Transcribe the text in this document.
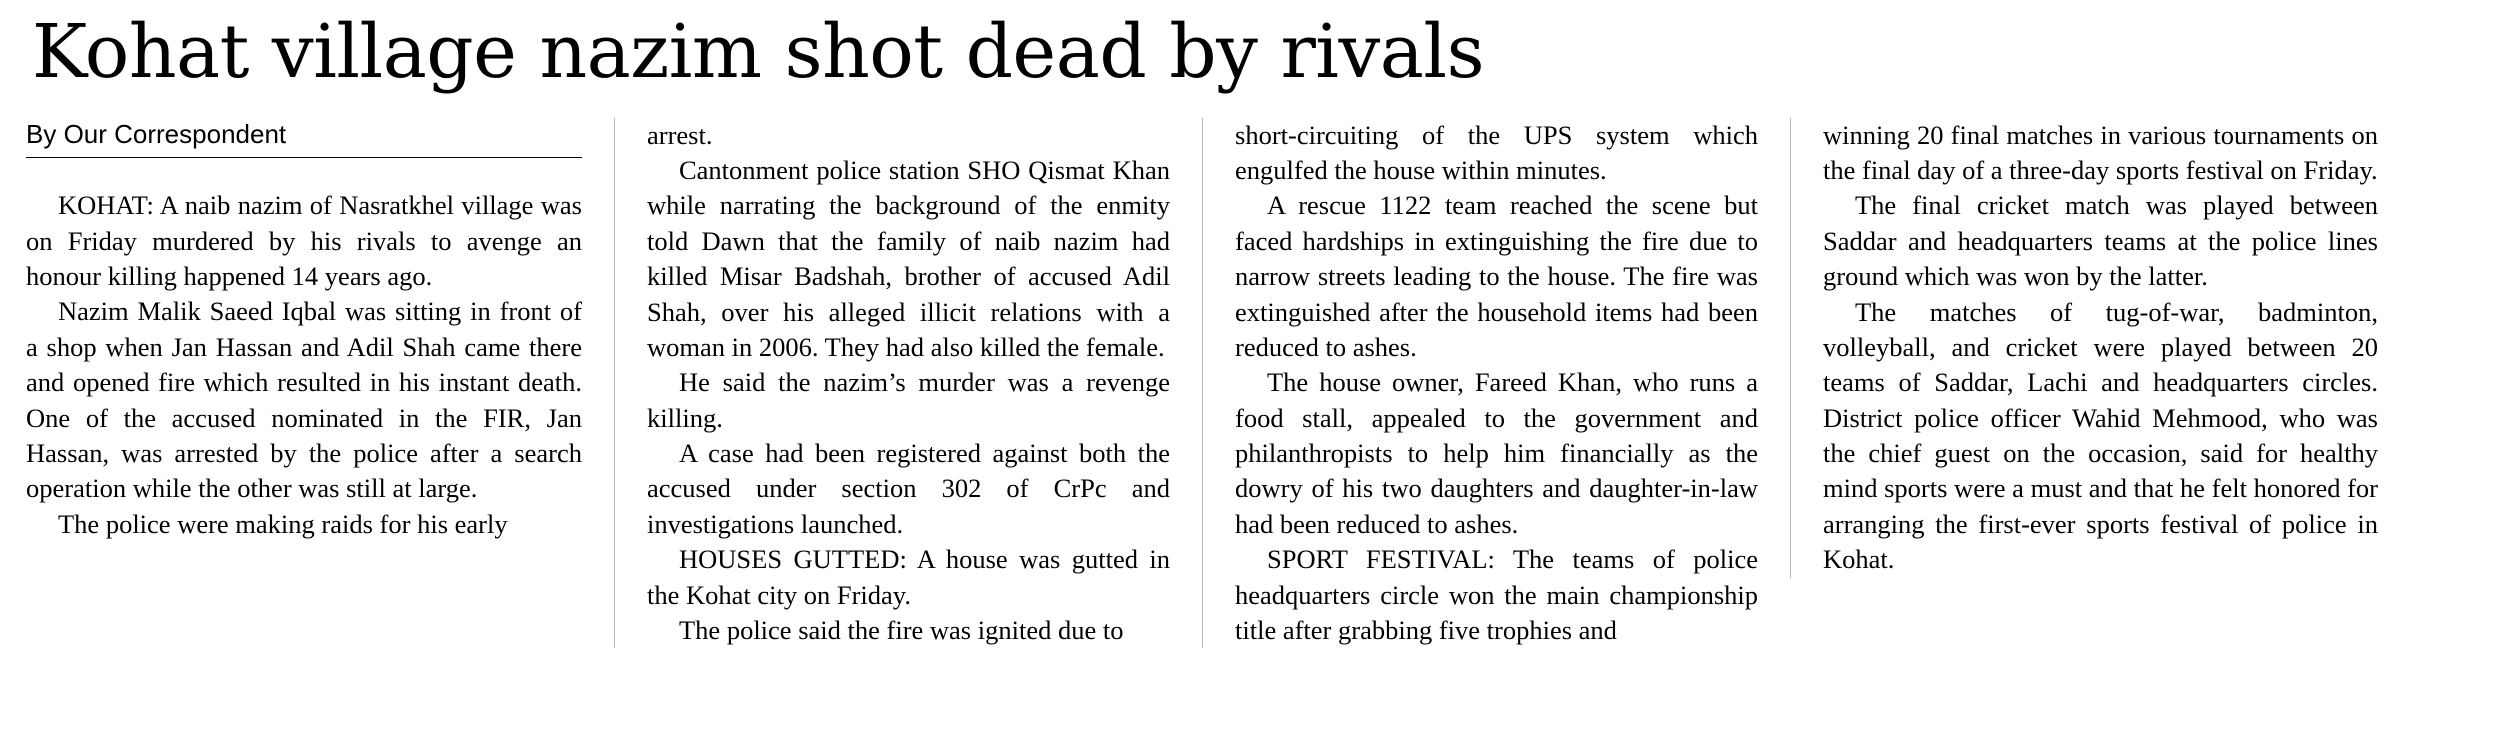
Kohat village nazim shot dead by rivals
By Our Correspondent

KOHAT: A naib nazim of Nasratkhel village was on Friday murdered by his rivals to avenge an honour killing happened 14 years ago.

Nazim Malik Saeed Iqbal was sitting in front of a shop when Jan Hassan and Adil Shah came there and opened fire which resulted in his instant death. One of the accused nominated in the FIR, Jan Hassan, was arrested by the police after a search operation while the other was still at large.

The police were making raids for his early

arrest.

Cantonment police station SHO Qismat Khan while narrating the background of the enmity told Dawn that the family of naib nazim had killed Misar Badshah, brother of accused Adil Shah, over his alleged illicit relations with a woman in 2006. They had also killed the female.

He said the nazim’s murder was a revenge killing.

A case had been registered against both the accused under section 302 of CrPc and investigations launched.

HOUSES GUTTED: A house was gutted in the Kohat city on Friday.

The police said the fire was ignited due to

short-circuiting of the UPS system which engulfed the house within minutes.

A rescue 1122 team reached the scene but faced hardships in extinguishing the fire due to narrow streets leading to the house. The fire was extinguished after the household items had been reduced to ashes.

The house owner, Fareed Khan, who runs a food stall, appealed to the government and philanthropists to help him financially as the dowry of his two daughters and daughter-in-law had been reduced to ashes.

SPORT FESTIVAL: The teams of police headquarters circle won the main championship title after grabbing five trophies and

winning 20 final matches in various tournaments on the final day of a three-day sports festival on Friday.

The final cricket match was played between Saddar and headquarters teams at the police lines ground which was won by the latter.

The matches of tug-of-war, badminton, volleyball, and cricket were played between 20 teams of Saddar, Lachi and headquarters circles. District police officer Wahid Mehmood, who was the chief guest on the occasion, said for healthy mind sports were a must and that he felt honored for arranging the first-ever sports festival of police in Kohat.
